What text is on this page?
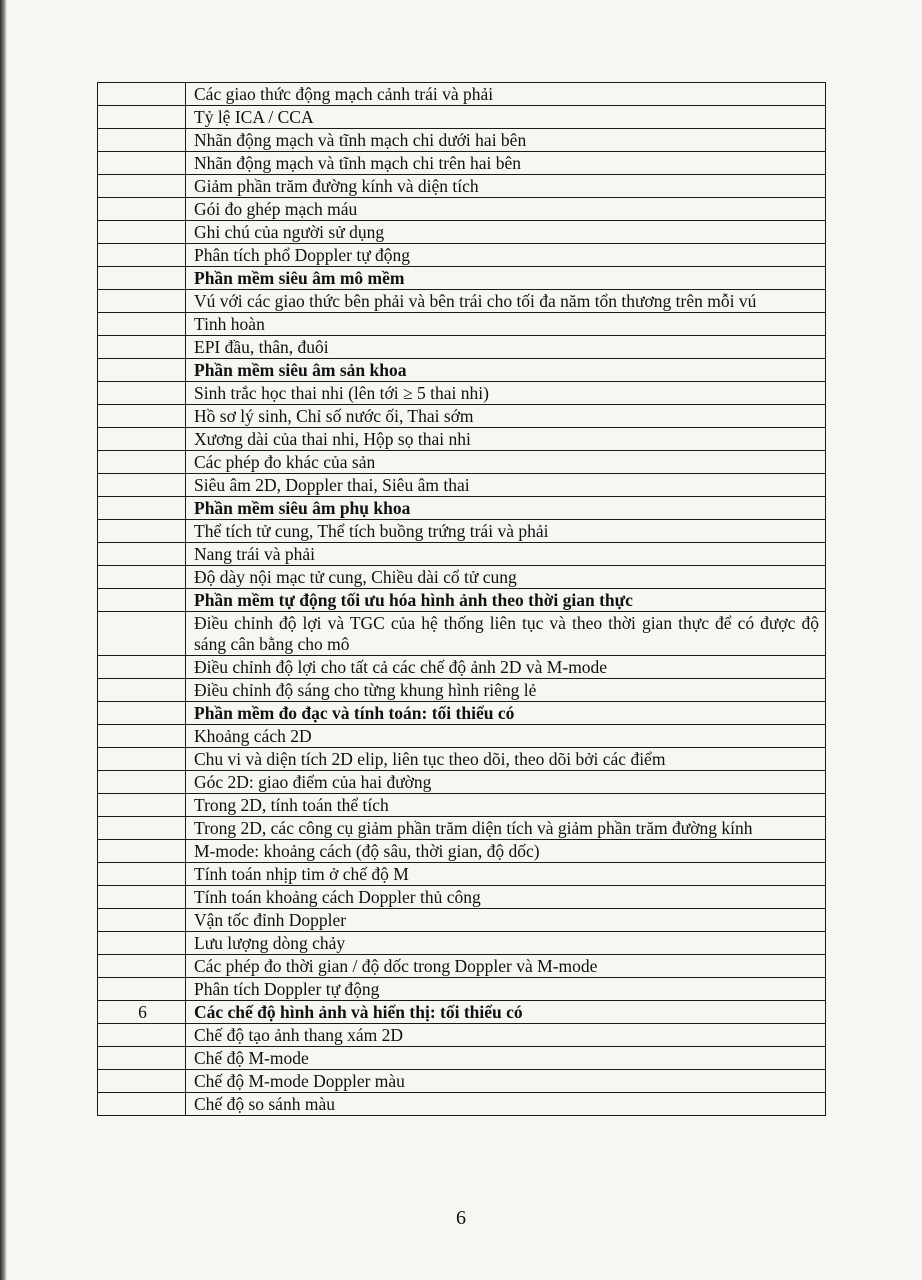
	Các giao thức động mạch cảnh trái và phải
	Tỷ lệ ICA / CCA
	Nhãn động mạch và tĩnh mạch chi dưới hai bên
	Nhãn động mạch và tĩnh mạch chi trên hai bên
	Giảm phần trăm đường kính và diện tích
	Gói đo ghép mạch máu
	Ghi chú của người sử dụng
	Phân tích phổ Doppler tự động
	Phần mềm siêu âm mô mềm
	Vú với các giao thức bên phải và bên trái cho tối đa năm tổn thương trên mỗi vú
	Tinh hoàn
	EPI đầu, thân, đuôi
	Phần mềm siêu âm sản khoa
	Sinh trắc học thai nhi (lên tới ≥ 5 thai nhi)
	Hồ sơ lý sinh, Chỉ số nước ối, Thai sớm
	Xương dài của thai nhi, Hộp sọ thai nhi
	Các phép đo khác của sản
	Siêu âm 2D, Doppler thai, Siêu âm thai
	Phần mềm siêu âm phụ khoa
	Thể tích tử cung, Thể tích buồng trứng trái và phải
	Nang trái và phải
	Độ dày nội mạc tử cung, Chiều dài cổ tử cung
	Phần mềm tự động tối ưu hóa hình ảnh theo thời gian thực
	Điều chỉnh độ lợi và TGC của hệ thống liên tục và theo thời gian thực để có được độ sáng cân bằng cho mô
	Điều chỉnh độ lợi cho tất cả các chế độ ảnh 2D và M-mode
	Điều chỉnh độ sáng cho từng khung hình riêng lẻ
	Phần mềm đo đạc và tính toán: tối thiểu có
	Khoảng cách 2D
	Chu vi và diện tích 2D elip, liên tục theo dõi, theo dõi bởi các điểm
	Góc 2D: giao điểm của hai đường
	Trong 2D, tính toán thể tích
	Trong 2D, các công cụ giảm phần trăm diện tích và giảm phần trăm đường kính
	M-mode: khoảng cách (độ sâu, thời gian, độ dốc)
	Tính toán nhịp tim ở chế độ M
	Tính toán khoảng cách Doppler thủ công
	Vận tốc đỉnh Doppler
	Lưu lượng dòng chảy
	Các phép đo thời gian / độ dốc trong Doppler và M-mode
	Phân tích Doppler tự động
6	Các chế độ hình ảnh và hiển thị: tối thiểu có
	Chế độ tạo ảnh thang xám 2D
	Chế độ M-mode
	Chế độ M-mode Doppler màu
	Chế độ so sánh màu
6
